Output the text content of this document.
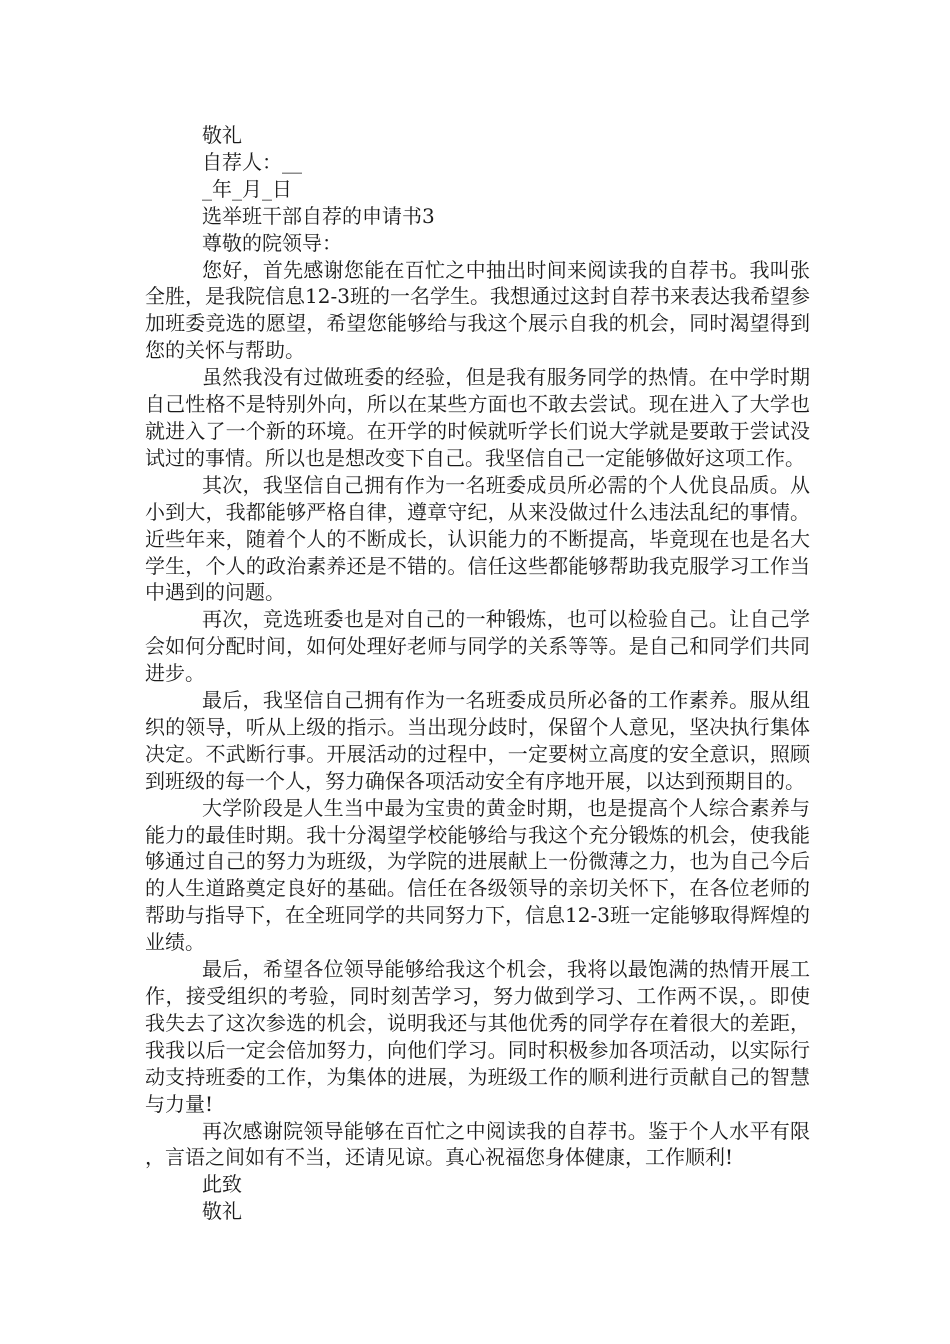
敬礼

自荐人：__

_年_月_日

选举班干部自荐的申请书3

尊敬的院领导：

您好，首先感谢您能在百忙之中抽出时间来阅读我的自荐书。我叫张全胜，是我院信息12-3班的一名学生。我想通过这封自荐书来表达我希望参加班委竞选的愿望，希望您能够给与我这个展示自我的机会，同时渴望得到您的关怀与帮助。

虽然我没有过做班委的经验，但是我有服务同学的热情。在中学时期自己性格不是特别外向，所以在某些方面也不敢去尝试。现在进入了大学也就进入了一个新的环境。在开学的时候就听学长们说大学就是要敢于尝试没试过的事情。所以也是想改变下自己。我坚信自己一定能够做好这项工作。

其次，我坚信自己拥有作为一名班委成员所必需的个人优良品质。从小到大，我都能够严格自律，遵章守纪，从来没做过什么违法乱纪的事情。近些年来，随着个人的不断成长，认识能力的不断提高，毕竟现在也是名大学生，个人的政治素养还是不错的。信任这些都能够帮助我克服学习工作当中遇到的问题。

再次，竞选班委也是对自己的一种锻炼，也可以检验自己。让自己学会如何分配时间，如何处理好老师与同学的关系等等。是自己和同学们共同进步。

最后，我坚信自己拥有作为一名班委成员所必备的工作素养。服从组织的领导，听从上级的指示。当出现分歧时，保留个人意见，坚决执行集体决定。不武断行事。开展活动的过程中，一定要树立高度的安全意识，照顾到班级的每一个人，努力确保各项活动安全有序地开展，以达到预期目的。

大学阶段是人生当中最为宝贵的黄金时期，也是提高个人综合素养与能力的最佳时期。我十分渴望学校能够给与我这个充分锻炼的机会，使我能够通过自己的努力为班级，为学院的进展献上一份微薄之力，也为自己今后的人生道路奠定良好的基础。信任在各级领导的亲切关怀下，在各位老师的帮助与指导下，在全班同学的共同努力下，信息12-3班一定能够取得辉煌的业绩。

最后，希望各位领导能够给我这个机会，我将以最饱满的热情开展工作，接受组织的考验，同时刻苦学习，努力做到学习、工作两不误，。即使我失去了这次参选的机会，说明我还与其他优秀的同学存在着很大的差距，我我以后一定会倍加努力，向他们学习。同时积极参加各项活动，以实际行动支持班委的工作，为集体的进展，为班级工作的顺利进行贡献自己的智慧与力量!

再次感谢院领导能够在百忙之中阅读我的自荐书。鉴于个人水平有限，言语之间如有不当，还请见谅。真心祝福您身体健康，工作顺利!

此致

敬礼
